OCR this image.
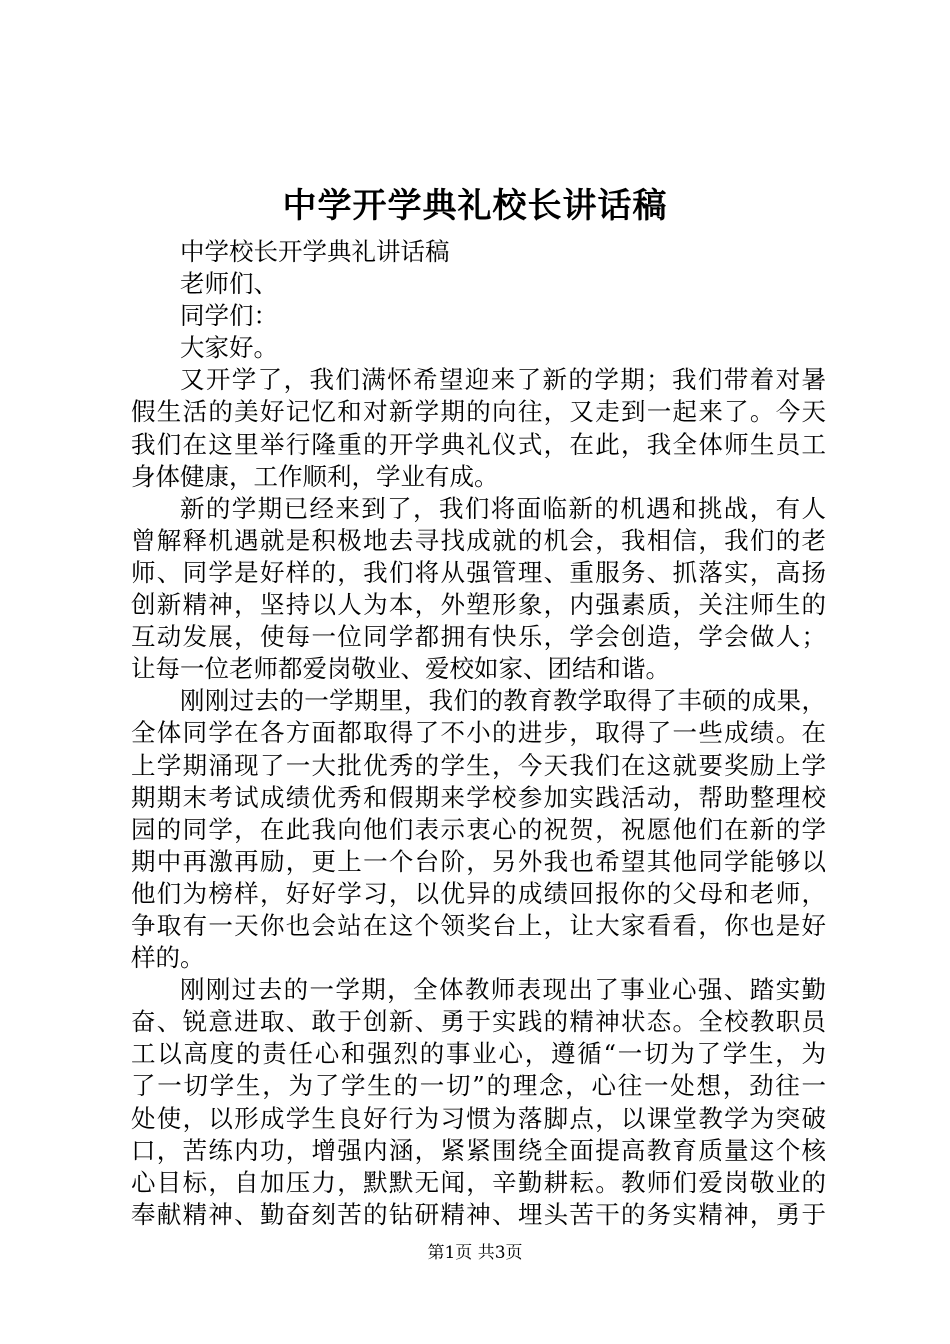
中学开学典礼校长讲话稿
中学校长开学典礼讲话稿
老师们、
同学们：
大家好。
又开学了，我们满怀希望迎来了新的学期；我们带着对暑
假生活的美好记忆和对新学期的向往，又走到一起来了。今天
我们在这里举行隆重的开学典礼仪式，在此，我全体师生员工
身体健康，工作顺利，学业有成。
新的学期已经来到了，我们将面临新的机遇和挑战，有人
曾解释机遇就是积极地去寻找成就的机会，我相信，我们的老
师、同学是好样的，我们将从强管理、重服务、抓落实，高扬
创新精神，坚持以人为本，外塑形象，内强素质，关注师生的
互动发展，使每一位同学都拥有快乐，学会创造，学会做人；
让每一位老师都爱岗敬业、爱校如家、团结和谐。
刚刚过去的一学期里，我们的教育教学取得了丰硕的成果，
全体同学在各方面都取得了不小的进步，取得了一些成绩。在
上学期涌现了一大批优秀的学生，今天我们在这就要奖励上学
期期末考试成绩优秀和假期来学校参加实践活动，帮助整理校
园的同学，在此我向他们表示衷心的祝贺，祝愿他们在新的学
期中再激再励，更上一个台阶，另外我也希望其他同学能够以
他们为榜样，好好学习，以优异的成绩回报你的父母和老师，
争取有一天你也会站在这个领奖台上，让大家看看，你也是好
样的。
刚刚过去的一学期，全体教师表现出了事业心强、踏实勤
奋、锐意进取、敢于创新、勇于实践的精神状态。全校教职员
工以高度的责任心和强烈的事业心，遵循“一切为了学生，为
了一切学生，为了学生的一切”的理念，心往一处想，劲往一
处使，以形成学生良好行为习惯为落脚点，以课堂教学为突破
口，苦练内功，增强内涵，紧紧围绕全面提高教育质量这个核
心目标，自加压力，默默无闻，辛勤耕耘。教师们爱岗敬业的
奉献精神、勤奋刻苦的钻研精神、埋头苦干的务实精神，勇于
第1页 共3页
